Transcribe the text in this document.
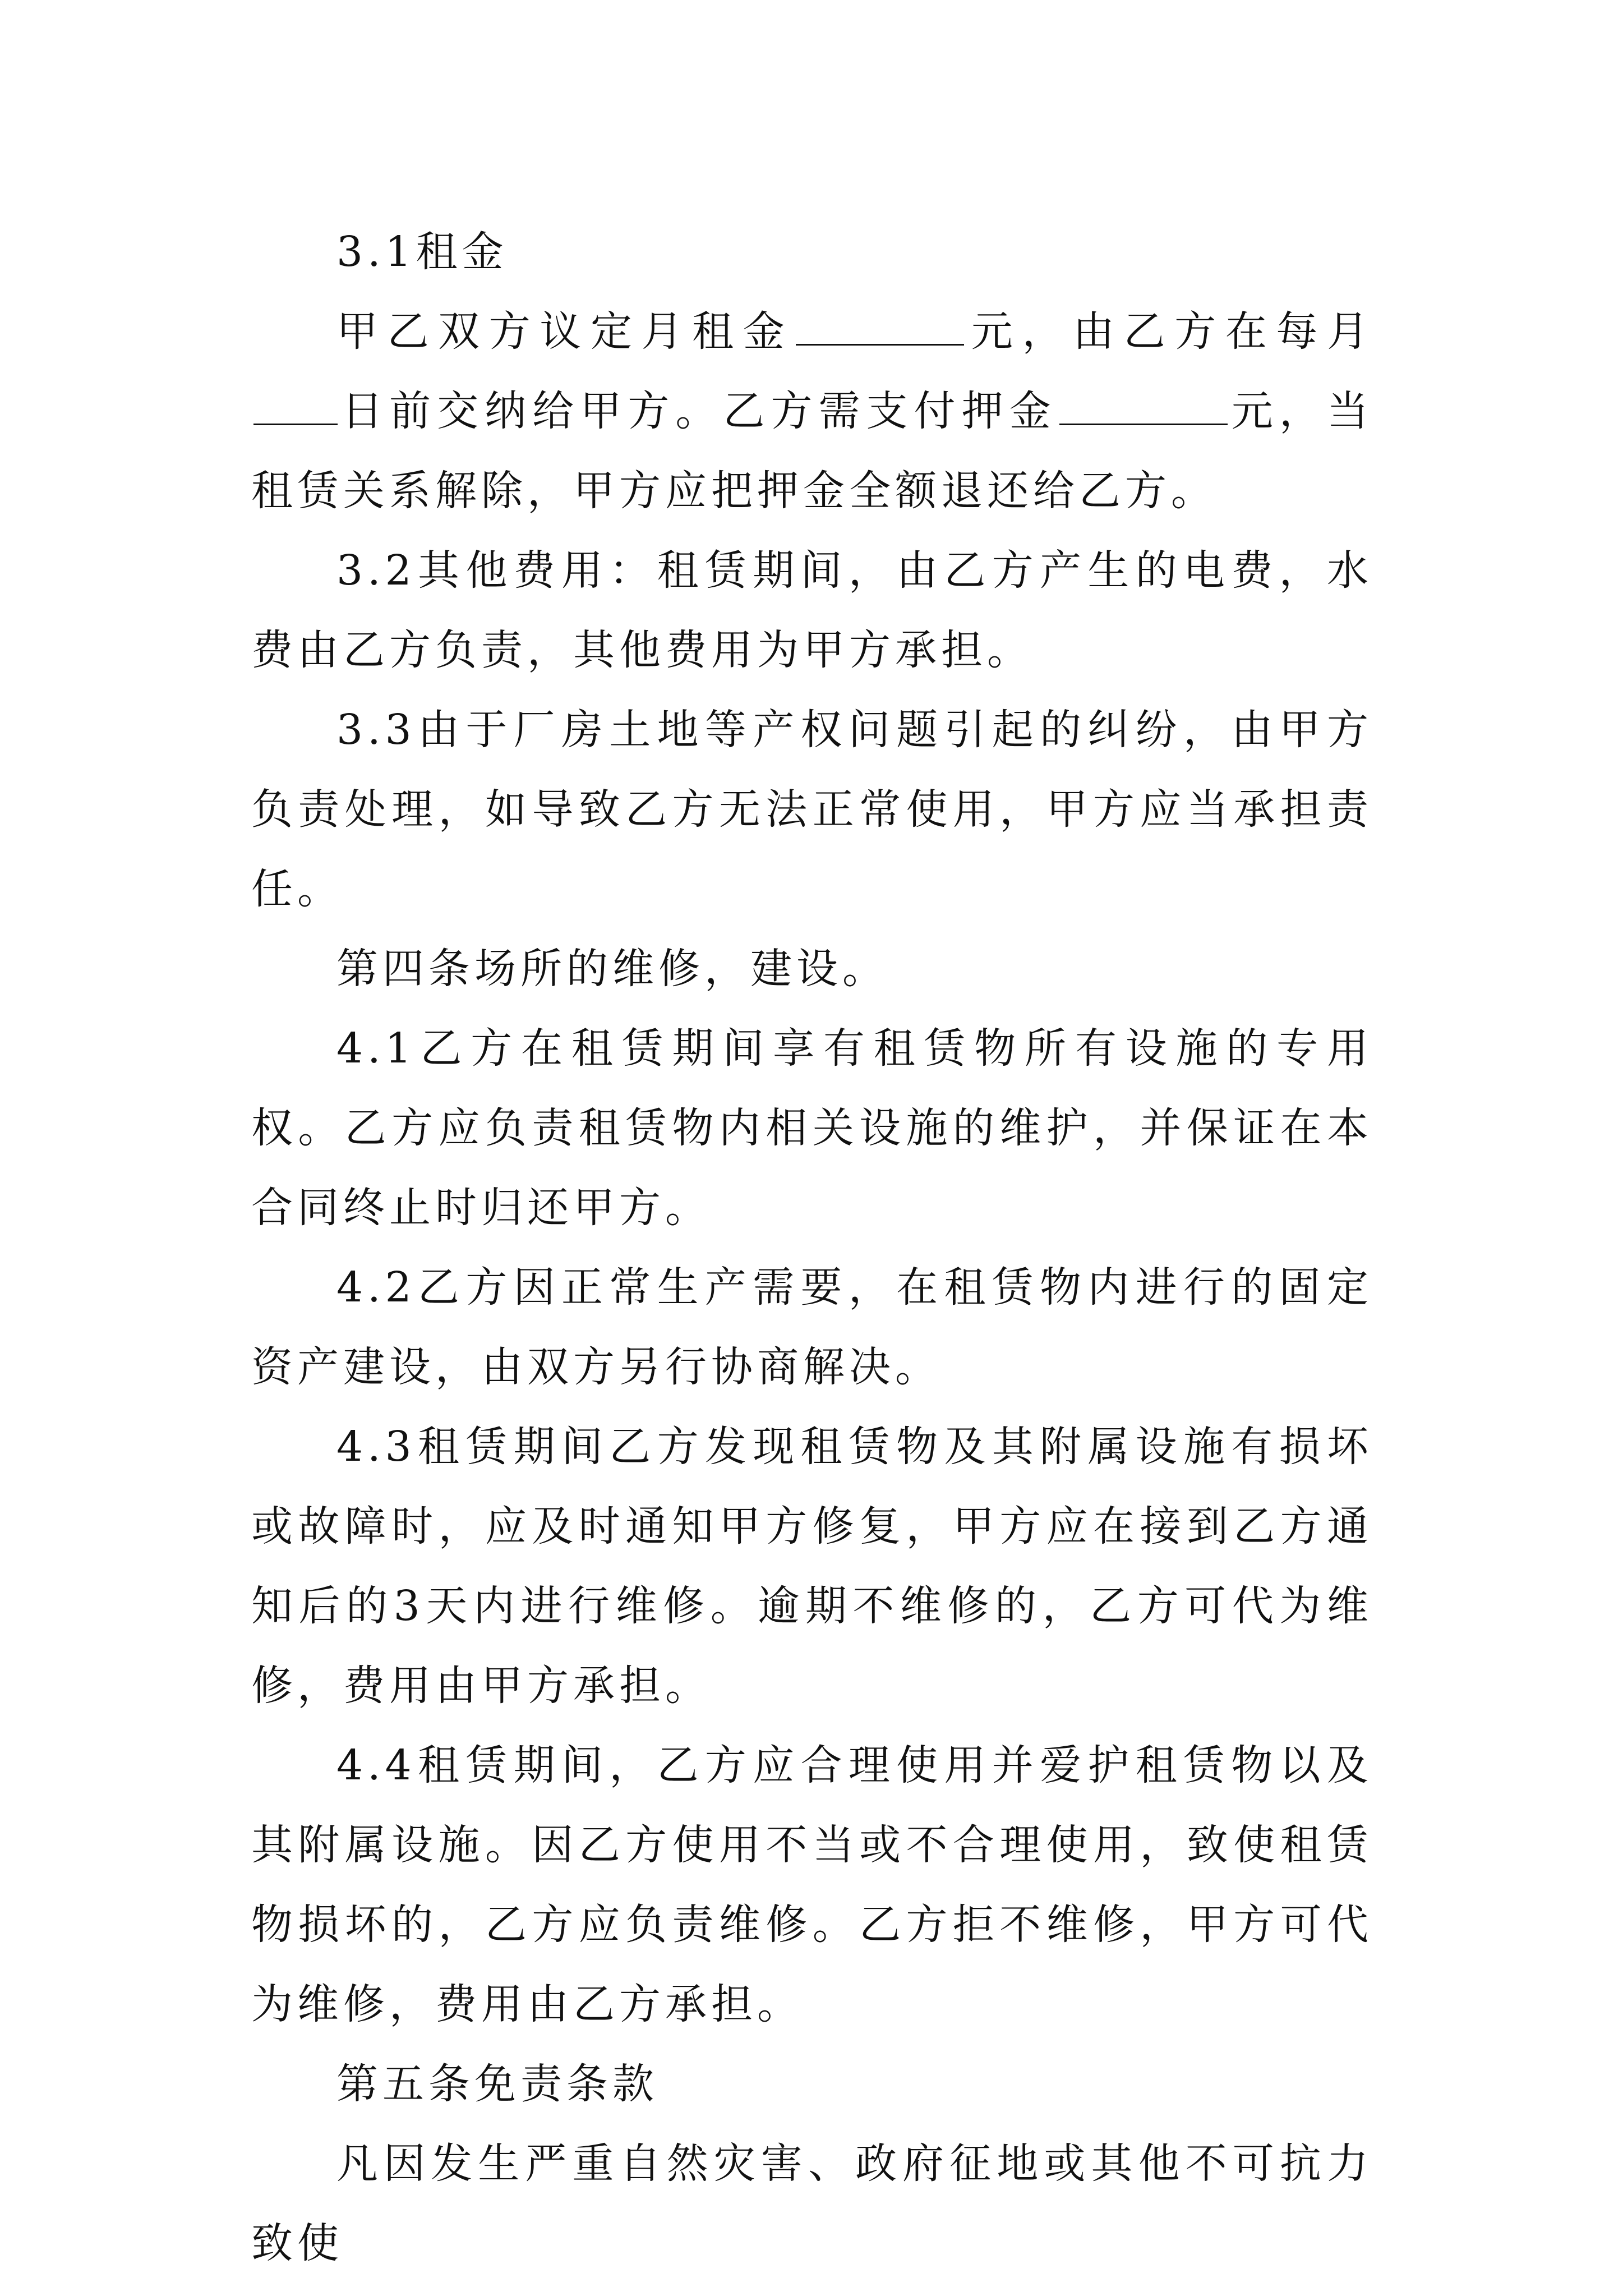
3.1租金

甲乙双方议定月租金	元，由乙方在每月日前交纳给甲方。乙方需支付押金	元，当租赁关系解除，甲方应把押金全额退还给乙方。

3.2其他费用：租赁期间，由乙方产生的电费，水费由乙方负责，其他费用为甲方承担。

3.3由于厂房土地等产权问题引起的纠纷，由甲方负责处理，如导致乙方无法正常使用，甲方应当承担责任。

第四条场所的维修，建设。

4.1乙方在租赁期间享有租赁物所有设施的专用权。乙方应负责租赁物内相关设施的维护，并保证在本合同终止时归还甲方。

4.2乙方因正常生产需要，在租赁物内进行的固定资产建设，由双方另行协商解决。

4.3租赁期间乙方发现租赁物及其附属设施有损坏或故障时，应及时通知甲方修复，甲方应在接到乙方通知后的3天内进行维修。逾期不维修的，乙方可代为维修，费用由甲方承担。

4.4租赁期间，乙方应合理使用并爱护租赁物以及其附属设施。因乙方使用不当或不合理使用，致使租赁物损坏的，乙方应负责维修。乙方拒不维修，甲方可代为维修，费用由乙方承担。

第五条免责条款

凡因发生严重自然灾害、政府征地或其他不可抗力致使
